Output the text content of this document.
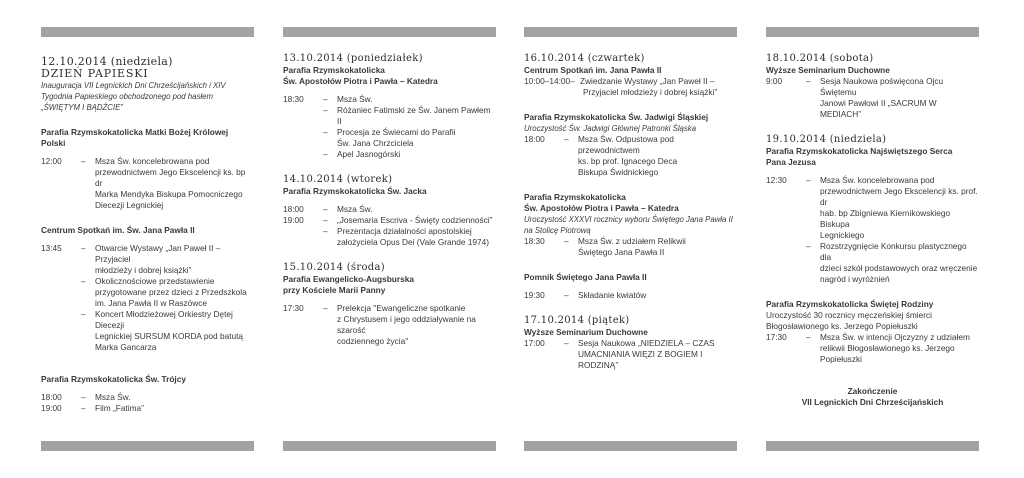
12.10.2014 (niedziela)
DZIEŃ PAPIESKI
Inauguracja VII Legnickich Dni Chrześcijańskich i XIV
Tygodnia Papieskiego obchodzonego pod hasłem
„ŚWIĘTYM I BĄDŹCIE”
Parafia Rzymskokatolicka Matki Bożej Królowej
Polski
12:00	–	Msza Św. koncelebrowana pod
przewodnictwem Jego Ekscelencji ks. bp dr
Marka Mendyka Biskupa Pomocniczego
Diecezji Legnickiej
Centrum Spotkań im. Św. Jana Pawła II
13:45	–	Otwarcie Wystawy „Jan Paweł II – Przyjaciel
młodzieży i dobrej książki”
–	Okolicznościowe przedstawienie
przygotowane przez dzieci z Przedszkola
im. Jana Pawła II w Raszówce
–	Koncert Młodzieżowej Orkiestry Dętej Diecezji
Legnickiej SURSUM KORDA pod batutą
Marka Gancarza
Parafia Rzymskokatolicka Św. Trójcy
18:00	–	Msza Św.
19:00	–	Film „Fatima”
13.10.2014 (poniedziałek)
Parafia Rzymskokatolicka
Św. Apostołów Piotra i Pawła – Katedra
18:30	–	Msza Św.
–	Różaniec Fatimski ze Św. Janem Pawłem II
–	Procesja ze Świecami do Parafii
Św. Jana Chrzciciela
–	Apel Jasnogórski
14.10.2014 (wtorek)
Parafia Rzymskokatolicka Św. Jacka
18:00	–	Msza Św.
19:00	–	„Josemaria Escriva - Święty codzienności”
–	Prezentacja działalności apostolskiej
założyciela Opus Dei (Vale Grande 1974)
15.10.2014 (środa)
Parafia Ewangelicko-Augsburska
przy Kościele Marii Panny
17:30	–	Prelekcja "Ewangeliczne spotkanie
z Chrystusem i jego oddziaływanie na szarość
codziennego życia"
16.10.2014 (czwartek)
Centrum Spotkań im. Jana Pawła II
10:00–14:00– Zwiedzanie Wystawy „Jan Paweł II –
Przyjaciel młodzieży i dobrej książki”
Parafia Rzymskokatolicka Św. Jadwigi Śląskiej
Uroczystość Św. Jadwigi Głównej Patronki Śląska
18:00	–	Msza Św. Odpustowa pod przewodnictwem
ks. bp prof. Ignacego Deca
Biskupa Świdnickiego
Parafia Rzymskokatolicka
Św. Apostołów Piotra i Pawła – Katedra
Uroczystość XXXVI rocznicy wyboru Świętego Jana Pawła II
na Stolicę Piotrową
18:30	–	Msza Św. z udziałem Relikwii
Świętego Jana Pawła II
Pomnik Świętego Jana Pawła II
19:30	–	Składanie kwiatów
17.10.2014 (piątek)
Wyższe Seminarium Duchowne
17:00	–	Sesja Naukowa „NIEDZIELA – CZAS
UMACNIANIA WIĘZI Z BOGIEM I RODZINĄ”
18.10.2014 (sobota)
Wyższe Seminarium Duchowne
9:00	–	Sesja Naukowa poświęcona Ojcu Świętemu
Janowi Pawłowi II „SACRUM W MEDIACH”
19.10.2014 (niedziela)
Parafia Rzymskokatolicka Najświętszego Serca
Pana Jezusa
12:30	–	Msza Św. koncelebrowana pod
przewodnictwem Jego Ekscelencji ks. prof. dr
hab. bp Zbigniewa Kiernikowskiego Biskupa
Legnickiego
–	Rozstrzygnięcie Konkursu plastycznego dla
dzieci szkół podstawowych oraz wręczenie
nagród i wyróżnień
Parafia Rzymskokatolicka Świętej Rodziny
Uroczystość 30 rocznicy męczeńskiej śmierci
Błogosławionego ks. Jerzego Popiełuszki
17:30	–	Msza Św. w intencji Ojczyzny z udziałem
relikwii Błogosławionego ks. Jerzego
Popiełuszki
Zakończenie
VII Legnickich Dni Chrześcijańskich
